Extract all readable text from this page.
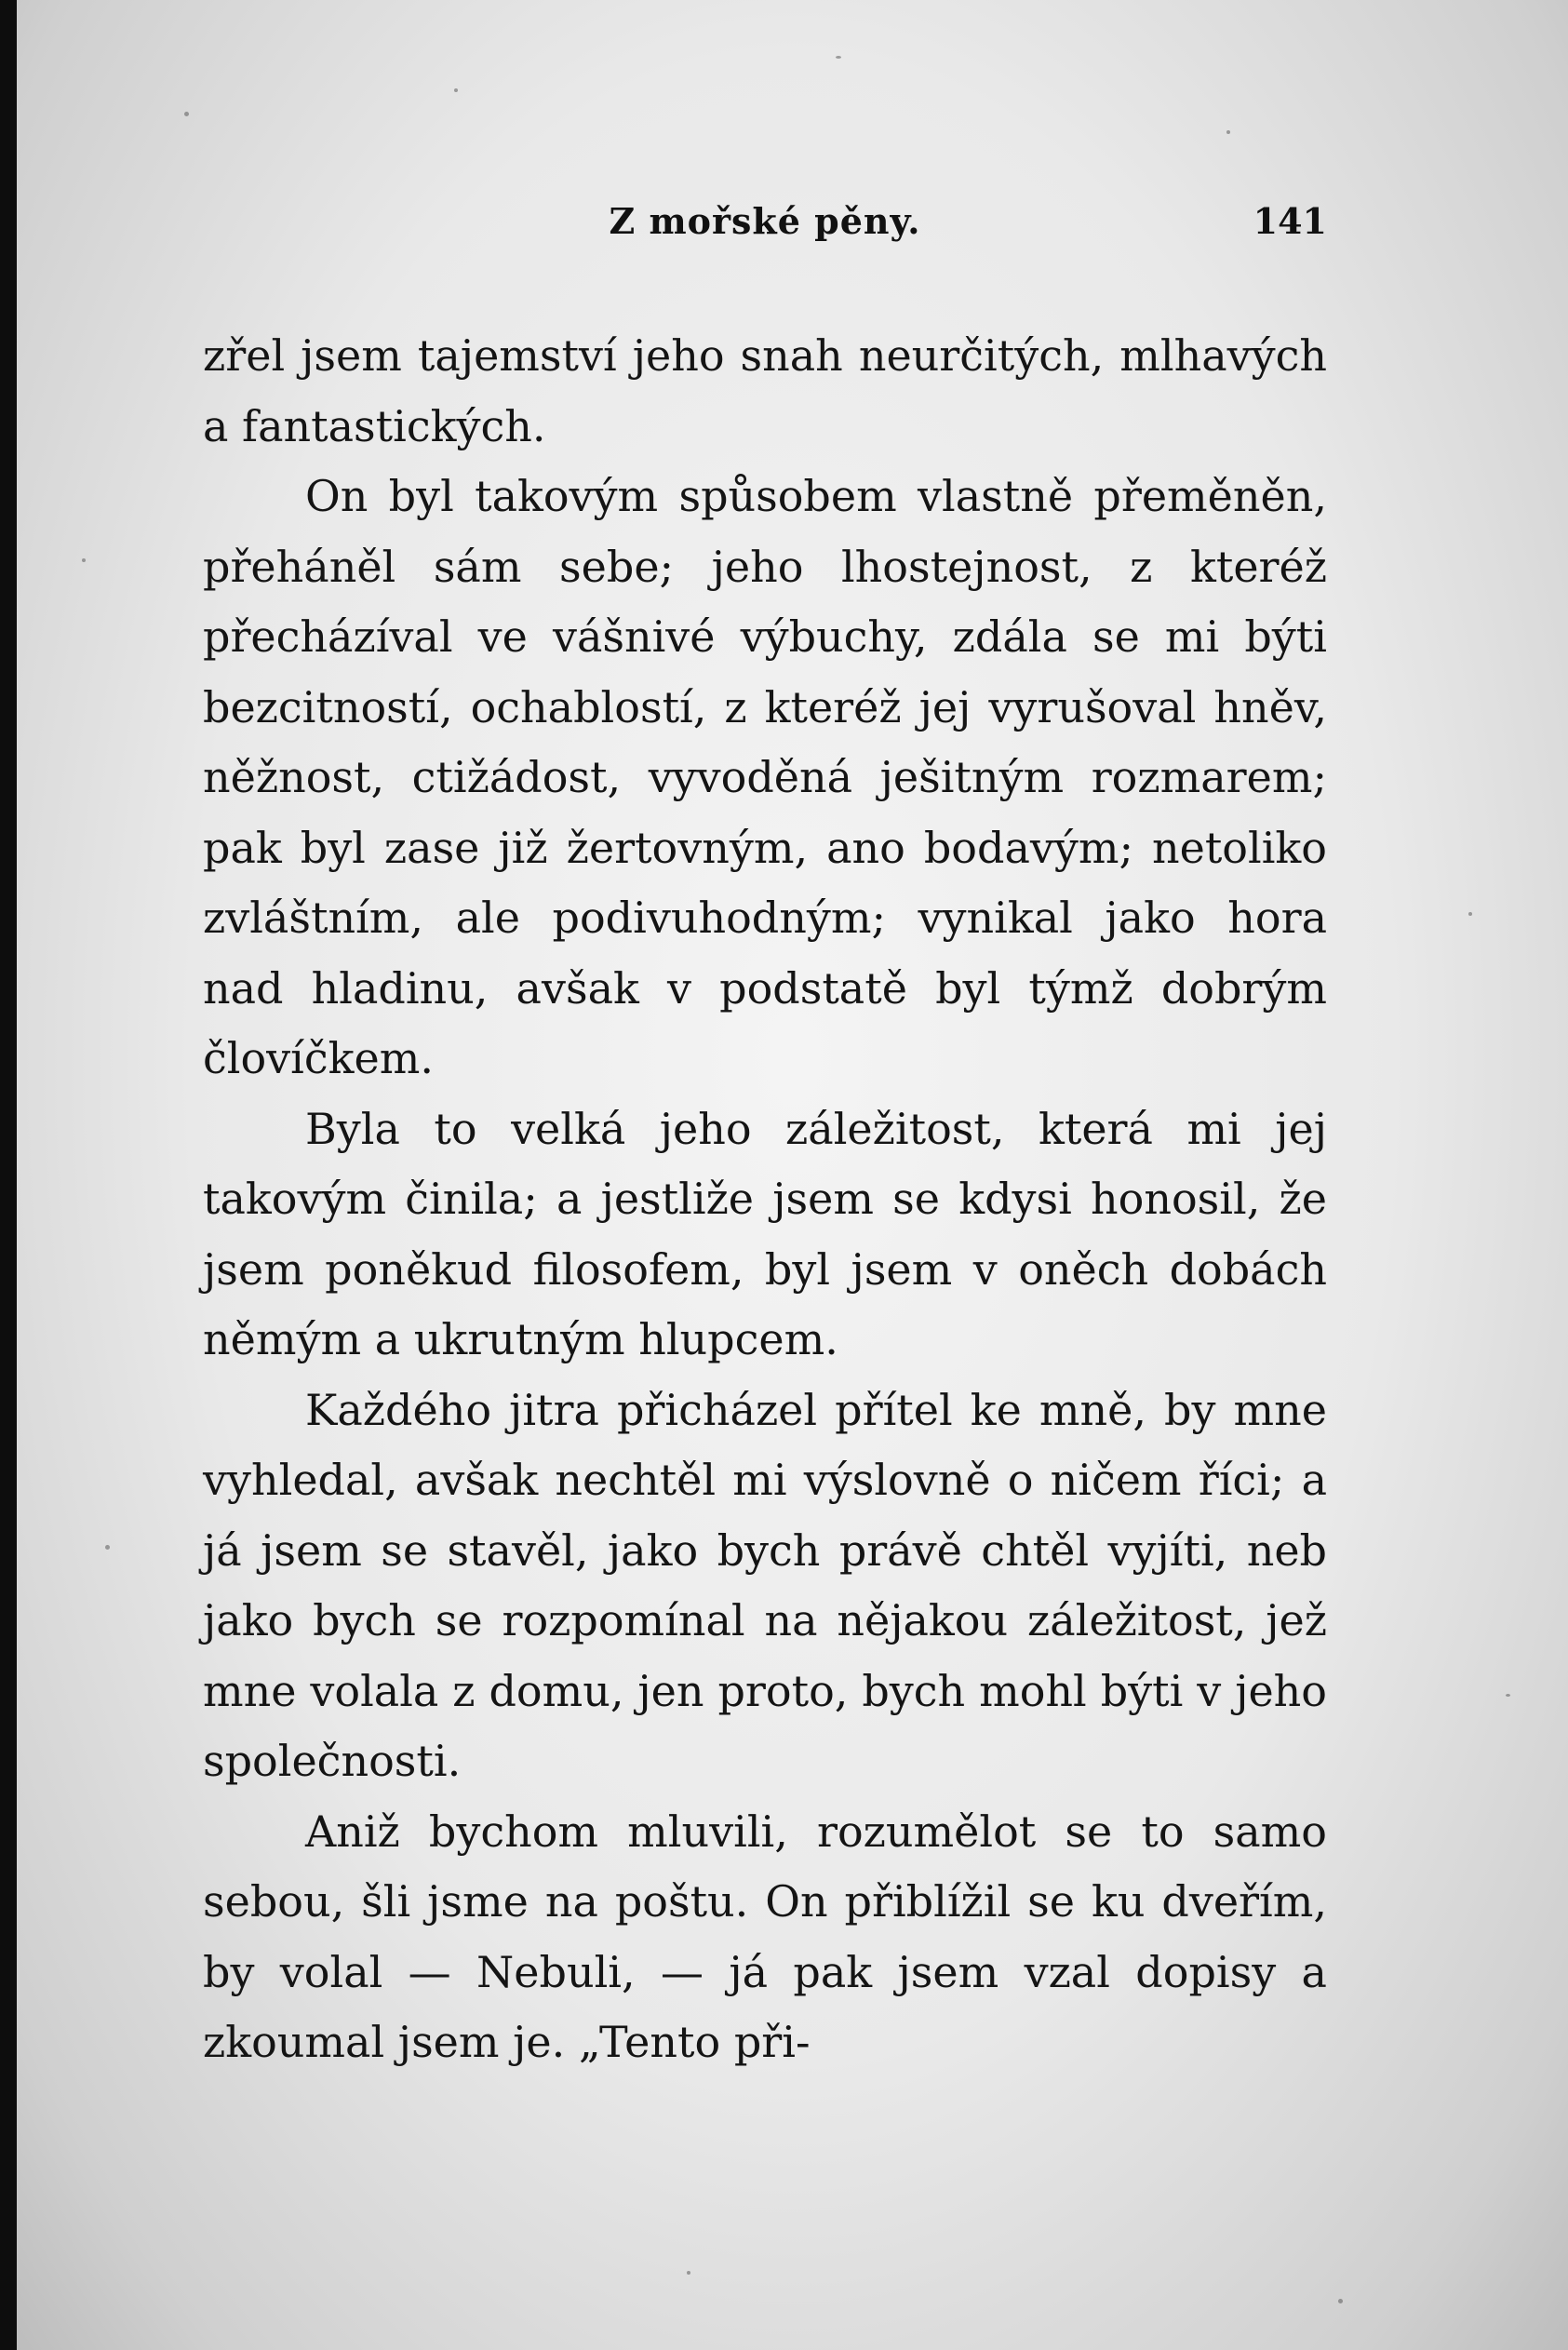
Z mořské pěny.	141

zřel jsem tajemství jeho snah neurčitých, mlhavých a fantastických.

On byl takovým spůsobem vlastně přeměněn, přeháněl sám sebe; jeho lhostejnost, z kteréž přecházíval ve vášnivé výbuchy, zdála se mi býti bezcitností, ochablostí, z kteréž jej vyrušoval hněv, něžnost, ctižádost, vyvoděná ješitným rozmarem; pak byl zase již žertovným, ano bodavým; netoliko zvláštním, ale podivuhodným; vynikal jako hora nad hladinu, avšak v podstatě byl týmž dobrým človíčkem.

Byla to velká jeho záležitost, která mi jej takovým činila; a jestliže jsem se kdysi honosil, že jsem poněkud filosofem, byl jsem v oněch dobách němým a ukrutným hlupcem.

Každého jitra přicházel přítel ke mně, by mne vyhledal, avšak nechtěl mi výslovně o ničem říci; a já jsem se stavěl, jako bych právě chtěl vyjíti, neb jako bych se rozpomínal na nějakou záležitost, jež mne volala z domu, jen proto, bych mohl býti v jeho společnosti.

Aniž bychom mluvili, rozumělot se to samo sebou, šli jsme na poštu. On přiblížil se ku dveřím, by volal — Nebuli, — já pak jsem vzal dopisy a zkoumal jsem je. „Tento při-
